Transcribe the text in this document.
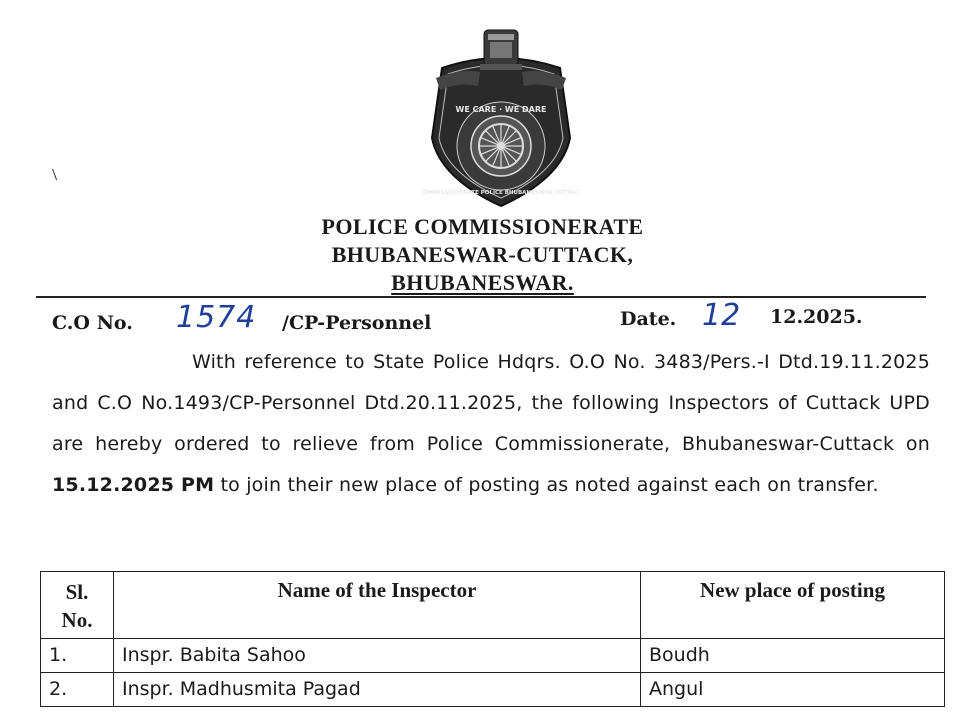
WE CARE · WE DARE
COMMISSIONERATE POLICE BHUBANESWAR CUTTACK
POLICE COMMISSIONERATE
BHUBANESWAR-CUTTACK,
BHUBANESWAR.
C.O No. 1574 /CP-Personnel	Date. 12 12.2025.
With reference to State Police Hdqrs. O.O No. 3483/Pers.-I Dtd.19.11.2025 and C.O No.1493/CP-Personnel Dtd.20.11.2025, the following Inspectors of Cuttack UPD are hereby ordered to relieve from Police Commissionerate, Bhubaneswar-Cuttack on 15.12.2025 PM to join their new place of posting as noted against each on transfer.
Sl.
No.	Name of the Inspector	New place of posting
1.	Inspr. Babita Sahoo	Boudh
2.	Inspr. Madhusmita Pagad	Angul
